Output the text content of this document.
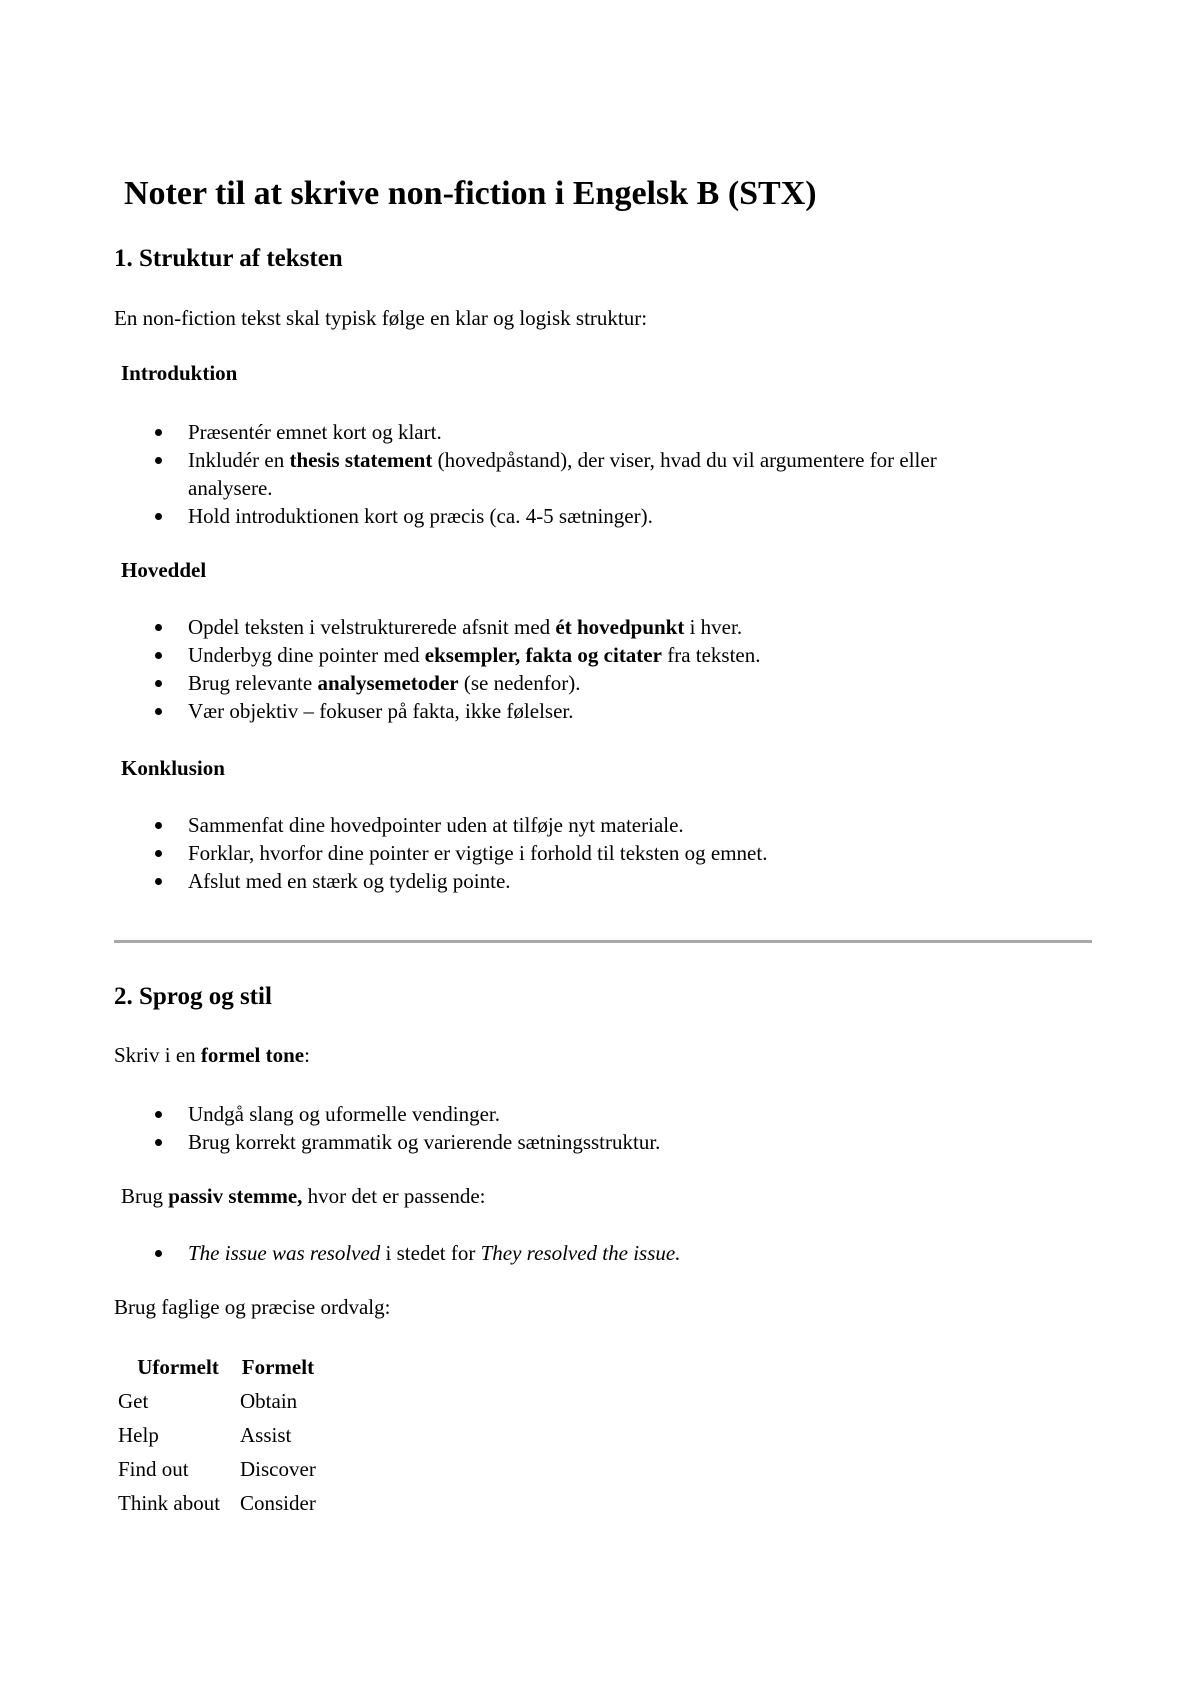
Noter til at skrive non-fiction i Engelsk B (STX)
1. Struktur af teksten

En non-fiction tekst skal typisk følge en klar og logisk struktur:

Introduktion

Præsentér emnet kort og klart.
Inkludér en thesis statement (hovedpåstand), der viser, hvad du vil argumentere for eller
analysere.
Hold introduktionen kort og præcis (ca. 4-5 sætninger).

Hoveddel

Opdel teksten i velstrukturerede afsnit med ét hovedpunkt i hver.
Underbyg dine pointer med eksempler, fakta og citater fra teksten.
Brug relevante analysemetoder (se nedenfor).
Vær objektiv – fokuser på fakta, ikke følelser.

Konklusion

Sammenfat dine hovedpointer uden at tilføje nyt materiale.
Forklar, hvorfor dine pointer er vigtige i forhold til teksten og emnet.
Afslut med en stærk og tydelig pointe.
2. Sprog og stil

Skriv i en formel tone:

Undgå slang og uformelle vendinger.
Brug korrekt grammatik og varierende sætningsstruktur.

Brug passiv stemme, hvor det er passende:

The issue was resolved i stedet for They resolved the issue.

Brug faglige og præcise ordvalg:

Uformelt	Formelt
Get	Obtain
Help	Assist
Find out	Discover
Think about	Consider
